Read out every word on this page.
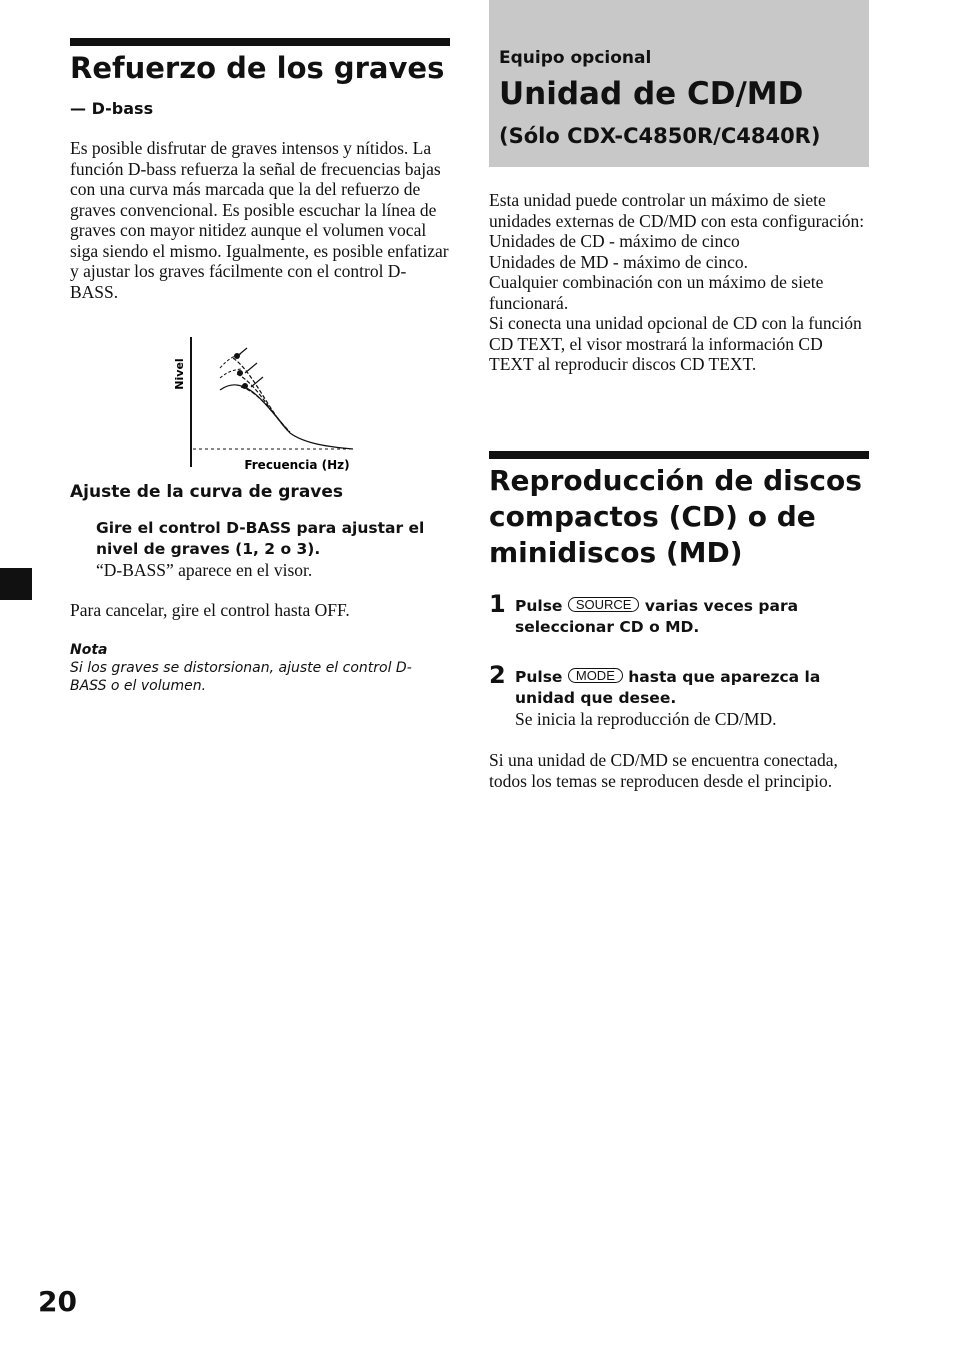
Refuerzo de los graves
— D-bass
Es posible disfrutar de graves intensos y nítidos. La función D-bass refuerza la señal de frecuencias bajas con una curva más marcada que la del refuerzo de graves convencional. Es posible escuchar la línea de graves con mayor nitidez aunque el volumen vocal siga siendo el mismo. Igualmente, es posible enfatizar y ajustar los graves fácilmente con el control D-BASS.
Nivel
Frecuencia (Hz)
Ajuste de la curva de graves
Gire el control D-BASS para ajustar el nivel de graves (1, 2 o 3).
“D-BASS” aparece en el visor.
Para cancelar, gire el control hasta OFF.
Nota
Si los graves se distorsionan, ajuste el control D-BASS o el volumen.
20
Equipo opcional
Unidad de CD/MD
(Sólo CDX-C4850R/C4840R)

Esta unidad puede controlar un máximo de siete unidades externas de CD/MD con esta configuración:

Unidades de CD - máximo de cinco

Unidades de MD - máximo de cinco.

Cualquier combinación con un máximo de siete funcionará.

Si conecta una unidad opcional de CD con la función CD TEXT, el visor mostrará la información CD TEXT al reproducir discos CD TEXT.

Reproducción de discos compactos (CD) o de minidiscos (MD)
1 Pulse SOURCE varias veces para seleccionar CD o MD.
2 Pulse MODE hasta que aparezca la unidad que desee.
Se inicia la reproducción de CD/MD.
Si una unidad de CD/MD se encuentra conectada, todos los temas se reproducen desde el principio.
